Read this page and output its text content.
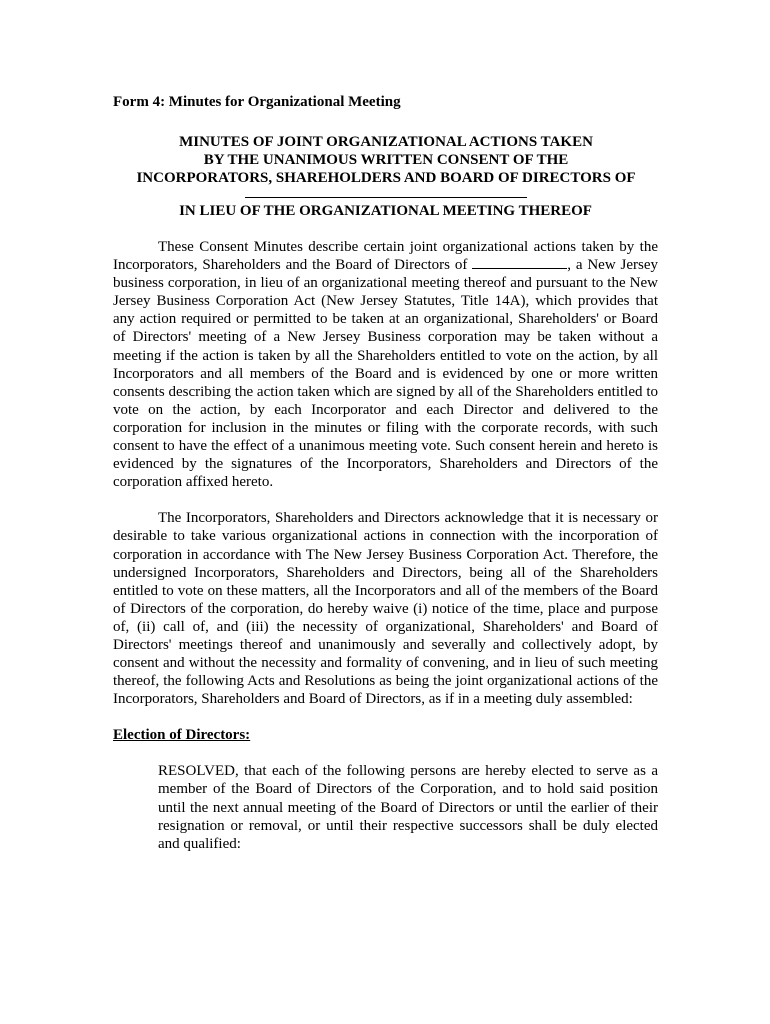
Form 4: Minutes for Organizational Meeting

MINUTES OF JOINT ORGANIZATIONAL ACTIONS TAKEN
BY THE UNANIMOUS WRITTEN CONSENT OF THE
INCORPORATORS, SHAREHOLDERS AND BOARD OF DIRECTORS OF
IN LIEU OF THE ORGANIZATIONAL MEETING THEREOF

These Consent Minutes describe certain joint organizational actions taken by the Incorporators, Shareholders and the Board of Directors of	, a New Jersey business corporation, in lieu of an organizational meeting thereof and pursuant to the New Jersey Business Corporation Act (New Jersey Statutes, Title 14A), which provides that any action required or permitted to be taken at an organizational, Shareholders' or Board of Directors' meeting of a New Jersey Business corporation may be taken without a meeting if the action is taken by all the Shareholders entitled to vote on the action, by all Incorporators and all members of the Board and is evidenced by one or more written consents describing the action taken which are signed by all of the Shareholders entitled to vote on the action, by each Incorporator and each Director and delivered to the corporation for inclusion in the minutes or filing with the corporate records, with such consent to have the effect of a unanimous meeting vote. Such consent herein and hereto is evidenced by the signatures of the Incorporators, Shareholders and Directors of the corporation affixed hereto.

The Incorporators, Shareholders and Directors acknowledge that it is necessary or desirable to take various organizational actions in connection with the incorporation of corporation in accordance with The New Jersey Business Corporation Act. Therefore, the undersigned Incorporators, Shareholders and Directors, being all of the Shareholders entitled to vote on these matters, all the Incorporators and all of the members of the Board of Directors of the corporation, do hereby waive (i) notice of the time, place and purpose of, (ii) call of, and (iii) the necessity of organizational, Shareholders' and Board of Directors' meetings thereof and unanimously and severally and collectively adopt, by consent and without the necessity and formality of convening, and in lieu of such meeting thereof, the following Acts and Resolutions as being the joint organizational actions of the Incorporators, Shareholders and Board of Directors, as if in a meeting duly assembled:

Election of Directors:

RESOLVED, that each of the following persons are hereby elected to serve as a member of the Board of Directors of the Corporation, and to hold said position until the next annual meeting of the Board of Directors or until the earlier of their resignation or removal, or until their respective successors shall be duly elected and qualified:
